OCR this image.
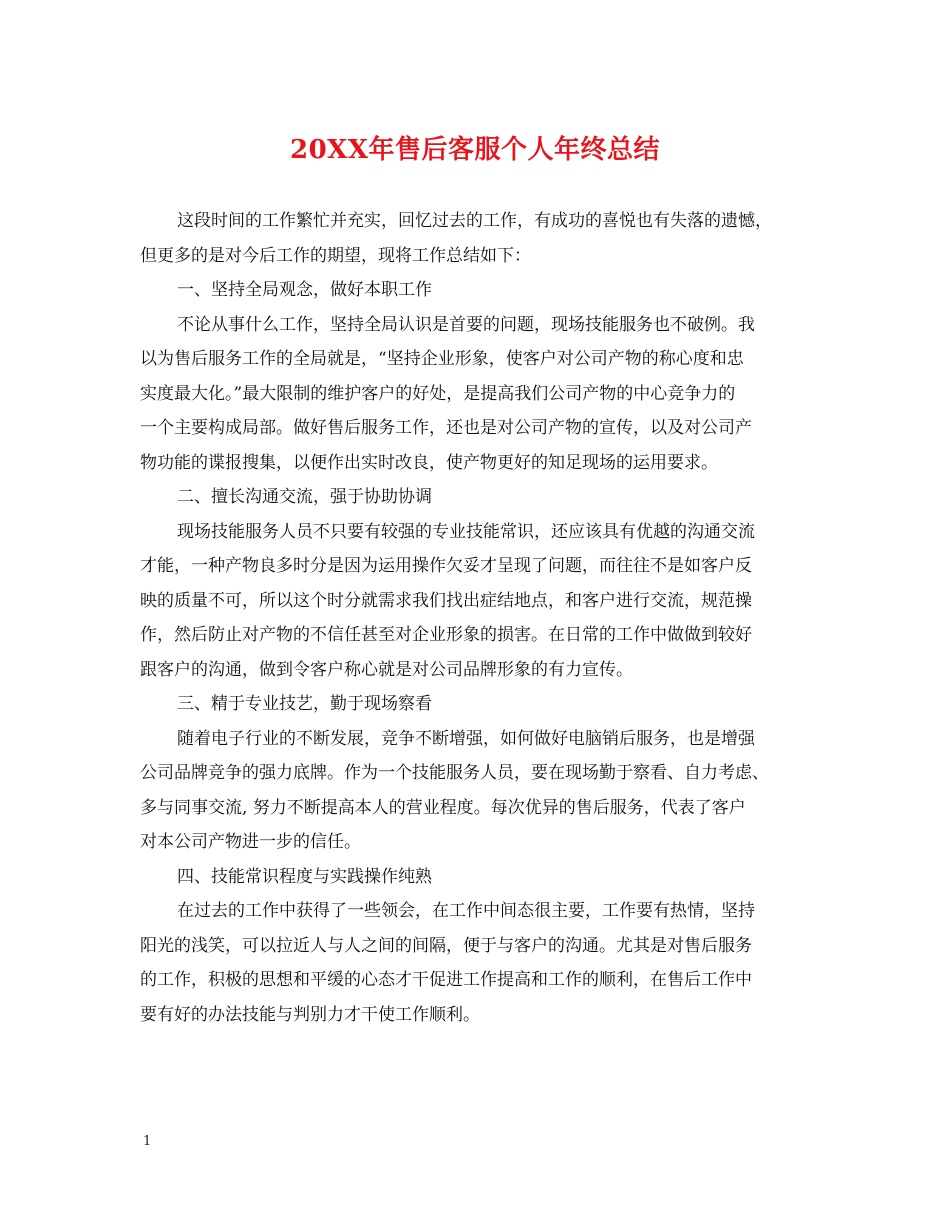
20XX年售后客服个人年终总结
这段时间的工作繁忙并充实，回忆过去的工作，有成功的喜悦也有失落的遗憾，
但更多的是对今后工作的期望，现将工作总结如下：
一、坚持全局观念，做好本职工作
不论从事什么工作，坚持全局认识是首要的问题，现场技能服务也不破例。我
以为售后服务工作的全局就是，“坚持企业形象，使客户对公司产物的称心度和忠
实度最大化。”最大限制的维护客户的好处，是提高我们公司产物的中心竞争力的
一个主要构成局部。做好售后服务工作，还也是对公司产物的宣传，以及对公司产
物功能的谍报搜集，以便作出实时改良，使产物更好的知足现场的运用要求。
二、擅长沟通交流，强于协助协调
现场技能服务人员不只要有较强的专业技能常识，还应该具有优越的沟通交流
才能，一种产物良多时分是因为运用操作欠妥才呈现了问题，而往往不是如客户反
映的质量不可，所以这个时分就需求我们找出症结地点，和客户进行交流，规范操
作，然后防止对产物的不信任甚至对企业形象的损害。在日常的工作中做做到较好
跟客户的沟通，做到令客户称心就是对公司品牌形象的有力宣传。
三、精于专业技艺，勤于现场察看
随着电子行业的不断发展，竞争不断增强，如何做好电脑销后服务，也是增强
公司品牌竞争的强力底牌。作为一个技能服务人员，要在现场勤于察看、自力考虑、
多与同事交流, 努力不断提高本人的营业程度。每次优异的售后服务，代表了客户
对本公司产物进一步的信任。
四、技能常识程度与实践操作纯熟
在过去的工作中获得了一些领会，在工作中间态很主要，工作要有热情，坚持
阳光的浅笑，可以拉近人与人之间的间隔，便于与客户的沟通。尤其是对售后服务
的工作，积极的思想和平缓的心态才干促进工作提高和工作的顺利，在售后工作中
要有好的办法技能与判别力才干使工作顺利。
1
